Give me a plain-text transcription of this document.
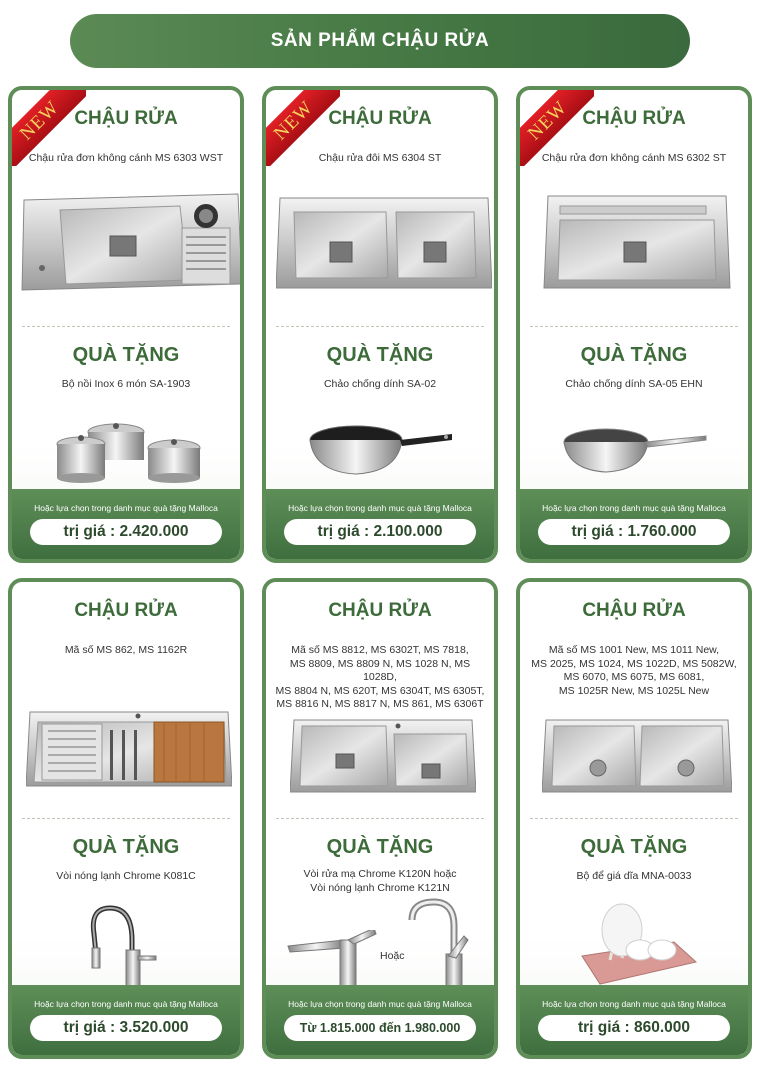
SẢN PHẨM CHẬU RỬA
NEW CHẬU RỬA
Chậu rửa đơn không cánh MS 6303 WST
QUÀ TẶNG
Bộ nồi Inox 6 món SA-1903
Hoặc lựa chọn trong danh mục quà tặng Malloca
trị giá : 2.420.000
NEW CHẬU RỬA
Chậu rửa đôi MS 6304 ST
QUÀ TẶNG
Chảo chống dính SA-02
Hoặc lựa chọn trong danh mục quà tặng Malloca
trị giá : 2.100.000
NEW CHẬU RỬA
Chậu rửa đơn không cánh MS 6302 ST
QUÀ TẶNG
Chảo chống dính SA-05 EHN
Hoặc lựa chọn trong danh mục quà tặng Malloca
trị giá : 1.760.000
CHẬU RỬA
Mã số MS 862, MS 1162R
QUÀ TẶNG
Vòi nóng lạnh Chrome K081C
Hoặc lựa chọn trong danh mục quà tặng Malloca
trị giá : 3.520.000
CHẬU RỬA
Mã số MS 8812, MS 6302T, MS 7818,
MS 8809, MS 8809 N, MS 1028 N, MS 1028D,
MS 8804 N, MS 620T, MS 6304T, MS 6305T,
MS 8816 N, MS 8817 N, MS 861, MS 6306T
QUÀ TẶNG
Vòi rửa mạ Chrome K120N hoặc
Vòi nóng lạnh Chrome K121N
Hoặc
Hoặc lựa chọn trong danh mục quà tặng Malloca
Từ 1.815.000 đến 1.980.000
CHẬU RỬA
Mã số MS 1001 New, MS 1011 New,
MS 2025, MS 1024, MS 1022D, MS 5082W,
MS 6070, MS 6075, MS 6081,
MS 1025R New, MS 1025L New
QUÀ TẶNG
Bộ để giá dĩa MNA-0033
Hoặc lựa chọn trong danh mục quà tặng Malloca
trị giá : 860.000
